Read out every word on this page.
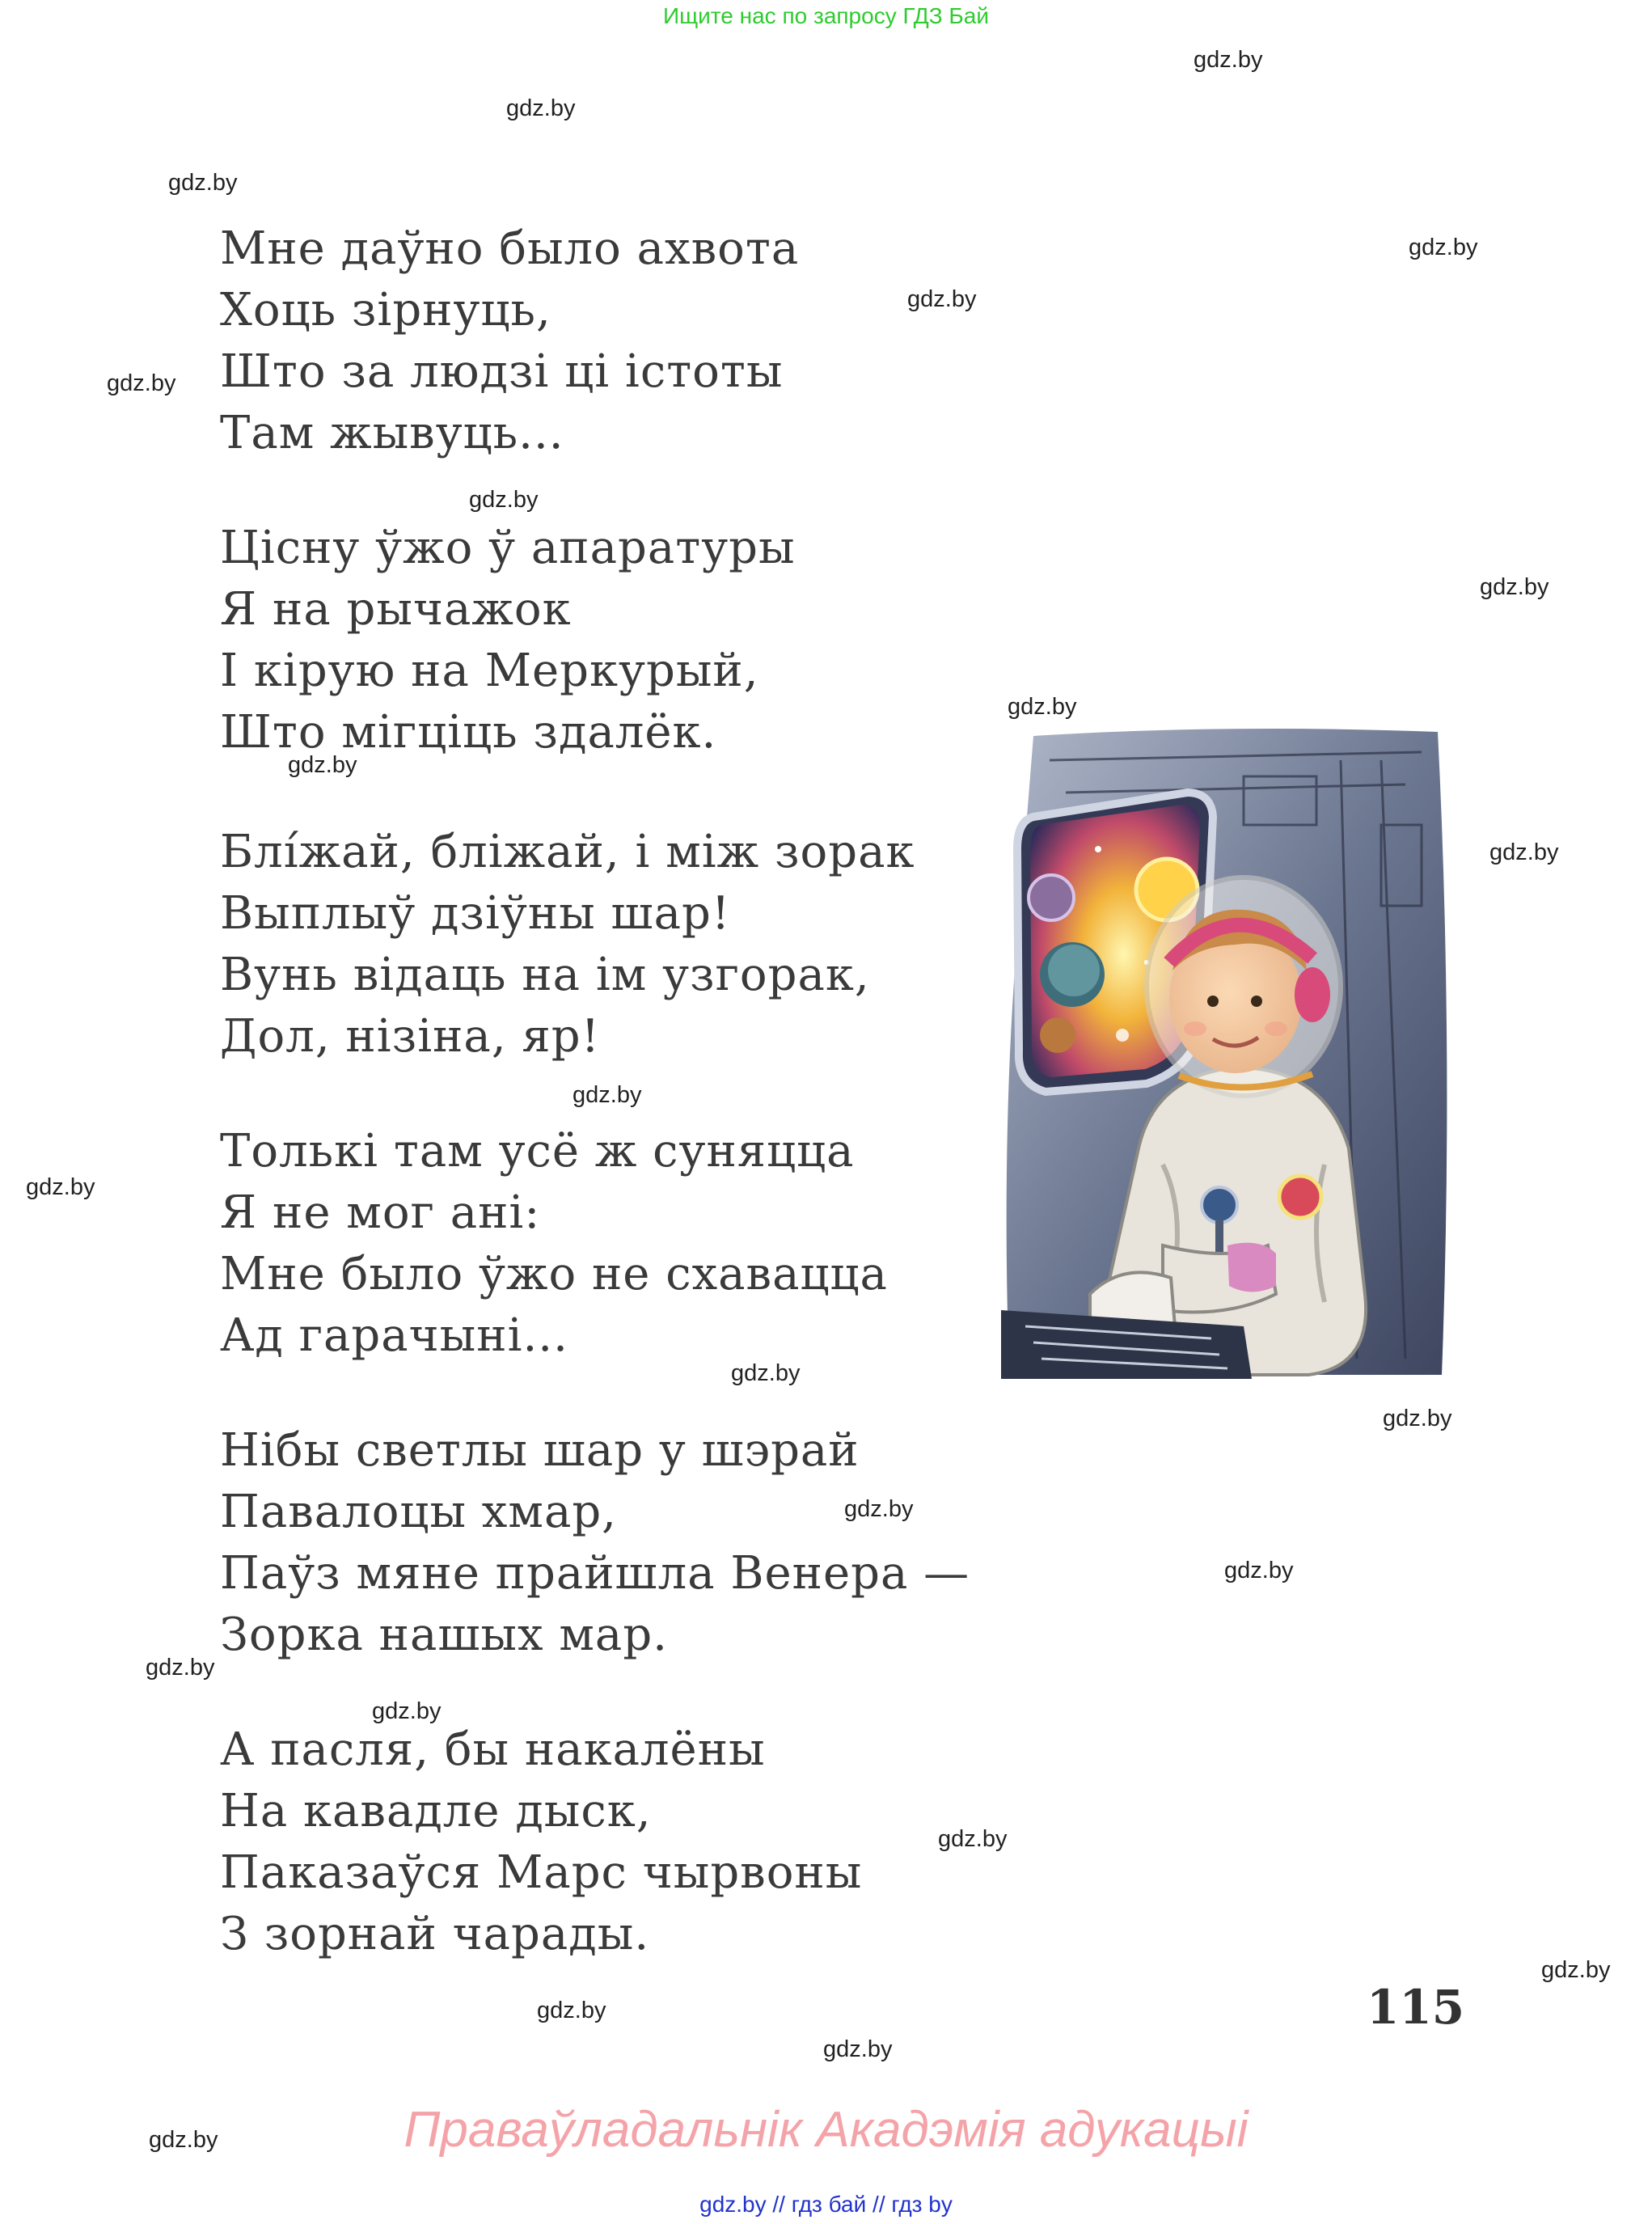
Ищите нас по запросу ГДЗ Бай
gdz.by
gdz.by
gdz.by
gdz.by
gdz.by
gdz.by
gdz.by
gdz.by
gdz.by
gdz.by
gdz.by
gdz.by
gdz.by
gdz.by
gdz.by
gdz.by
gdz.by
gdz.by
gdz.by
gdz.by
gdz.by
gdz.by
gdz.by
gdz.by
Мне даўно было ахвота
Хоць зірнуць,
Што за людзі ці істоты
Там жывуць...
Цісну ўжо ў апаратуры
Я на рычажок
І кірую на Меркурый,
Што мігціць здалёк.
Блі́жай, бліжай, і між зорак
Выплыў дзіўны шар!
Вунь відаць на ім узгорак,
Дол, нізіна, яр!
Толькі там усё ж суняцца
Я не мог ані:
Мне было ўжо не схавацца
Ад гарачыні...
Нібы светлы шар у шэрай
Павалоцы хмар,
Паўз мяне прайшла Венера —
Зорка нашых мар.
А пасля, бы накалёны
На кавадле дыск,
Паказаўся Марс чырвоны
З зорнай чарады.
115
Праваўладальнік Акадэмія адукацыі
gdz.by // гдз бай // гдз by
